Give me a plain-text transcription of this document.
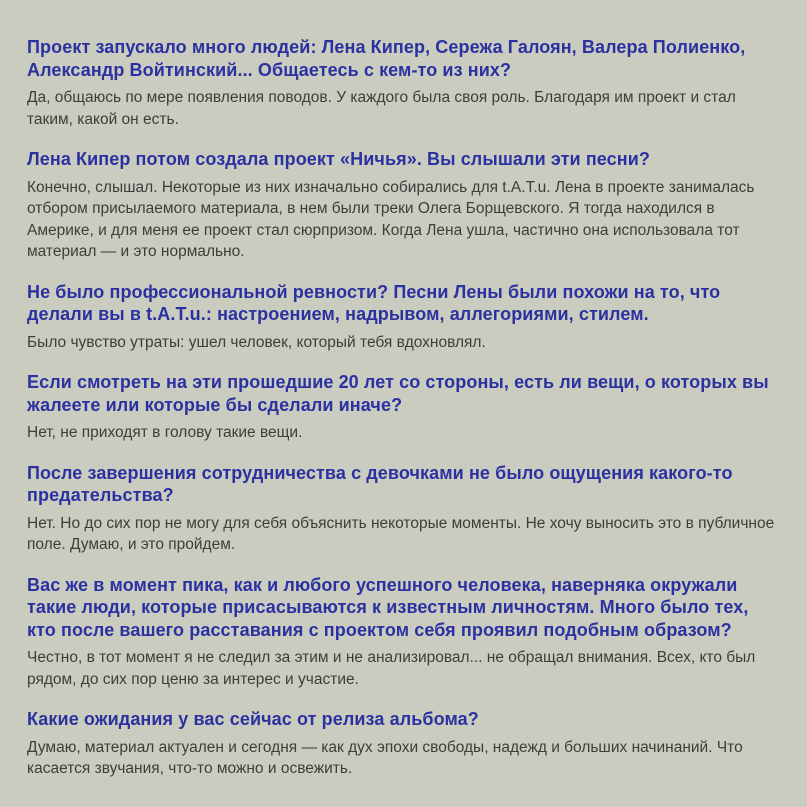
Проект запускало много людей: Лена Кипер, Сережа Галоян, Валера Полиенко, Александр Войтинский... Общаетесь с кем-то из них?

Да, общаюсь по мере появления поводов. У каждого была своя роль. Благодаря им проект и стал таким, какой он есть.

Лена Кипер потом создала проект «Ничья». Вы слышали эти песни?

Конечно, слышал. Некоторые из них изначально собирались для t.A.T.u. Лена в проекте занималась отбором присылаемого материала, в нем были треки Олега Борщевского. Я тогда находился в Америке, и для меня ее проект стал сюрпризом. Когда Лена ушла, частично она использовала тот материал — и это нормально.

Не было профессиональной ревности? Песни Лены были похожи на то, что делали вы в t.A.T.u.: настроением, надрывом, аллегориями, стилем.

Было чувство утраты: ушел человек, который тебя вдохновлял.

Если смотреть на эти прошедшие 20 лет со стороны, есть ли вещи, о которых вы жалеете или которые бы сделали иначе?

Нет, не приходят в голову такие вещи.

После завершения сотрудничества с девочками не было ощущения какого-то предательства?

Нет. Но до сих пор не могу для себя объяснить некоторые моменты. Не хочу выносить это в публичное поле. Думаю, и это пройдем.

Вас же в момент пика, как и любого успешного человека, наверняка окружали такие люди, которые присасываются к известным личностям. Много было тех, кто после вашего расставания с проектом себя проявил подобным образом?

Честно, в тот момент я не следил за этим и не анализировал... не обращал внимания. Всех, кто был рядом, до сих пор ценю за интерес и участие.

Какие ожидания у вас сейчас от релиза альбома?

Думаю, материал актуален и сегодня — как дух эпохи свободы, надежд и больших начинаний. Что касается звучания, что-то можно и освежить.
